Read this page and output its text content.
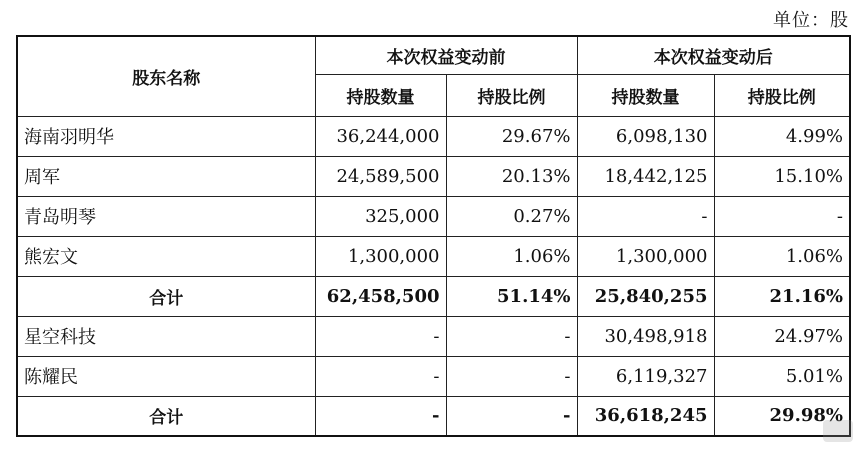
单位：股
股东名称	本次权益变动前		本次权益变动后	
	持股数量	持股比例	持股数量	持股比例
海南羽明华	36,244,000	29.67%	6,098,130	4.99%
周军	24,589,500	20.13%	18,442,125	15.10%
青岛明琴	325,000	0.27%	-	-
熊宏文	1,300,000	1.06%	1,300,000	1.06%
合计	62,458,500	51.14%	25,840,255	21.16%
星空科技	-	-	30,498,918	24.97%
陈耀民	-	-	6,119,327	5.01%
合计	-	-	36,618,245	29.98%
